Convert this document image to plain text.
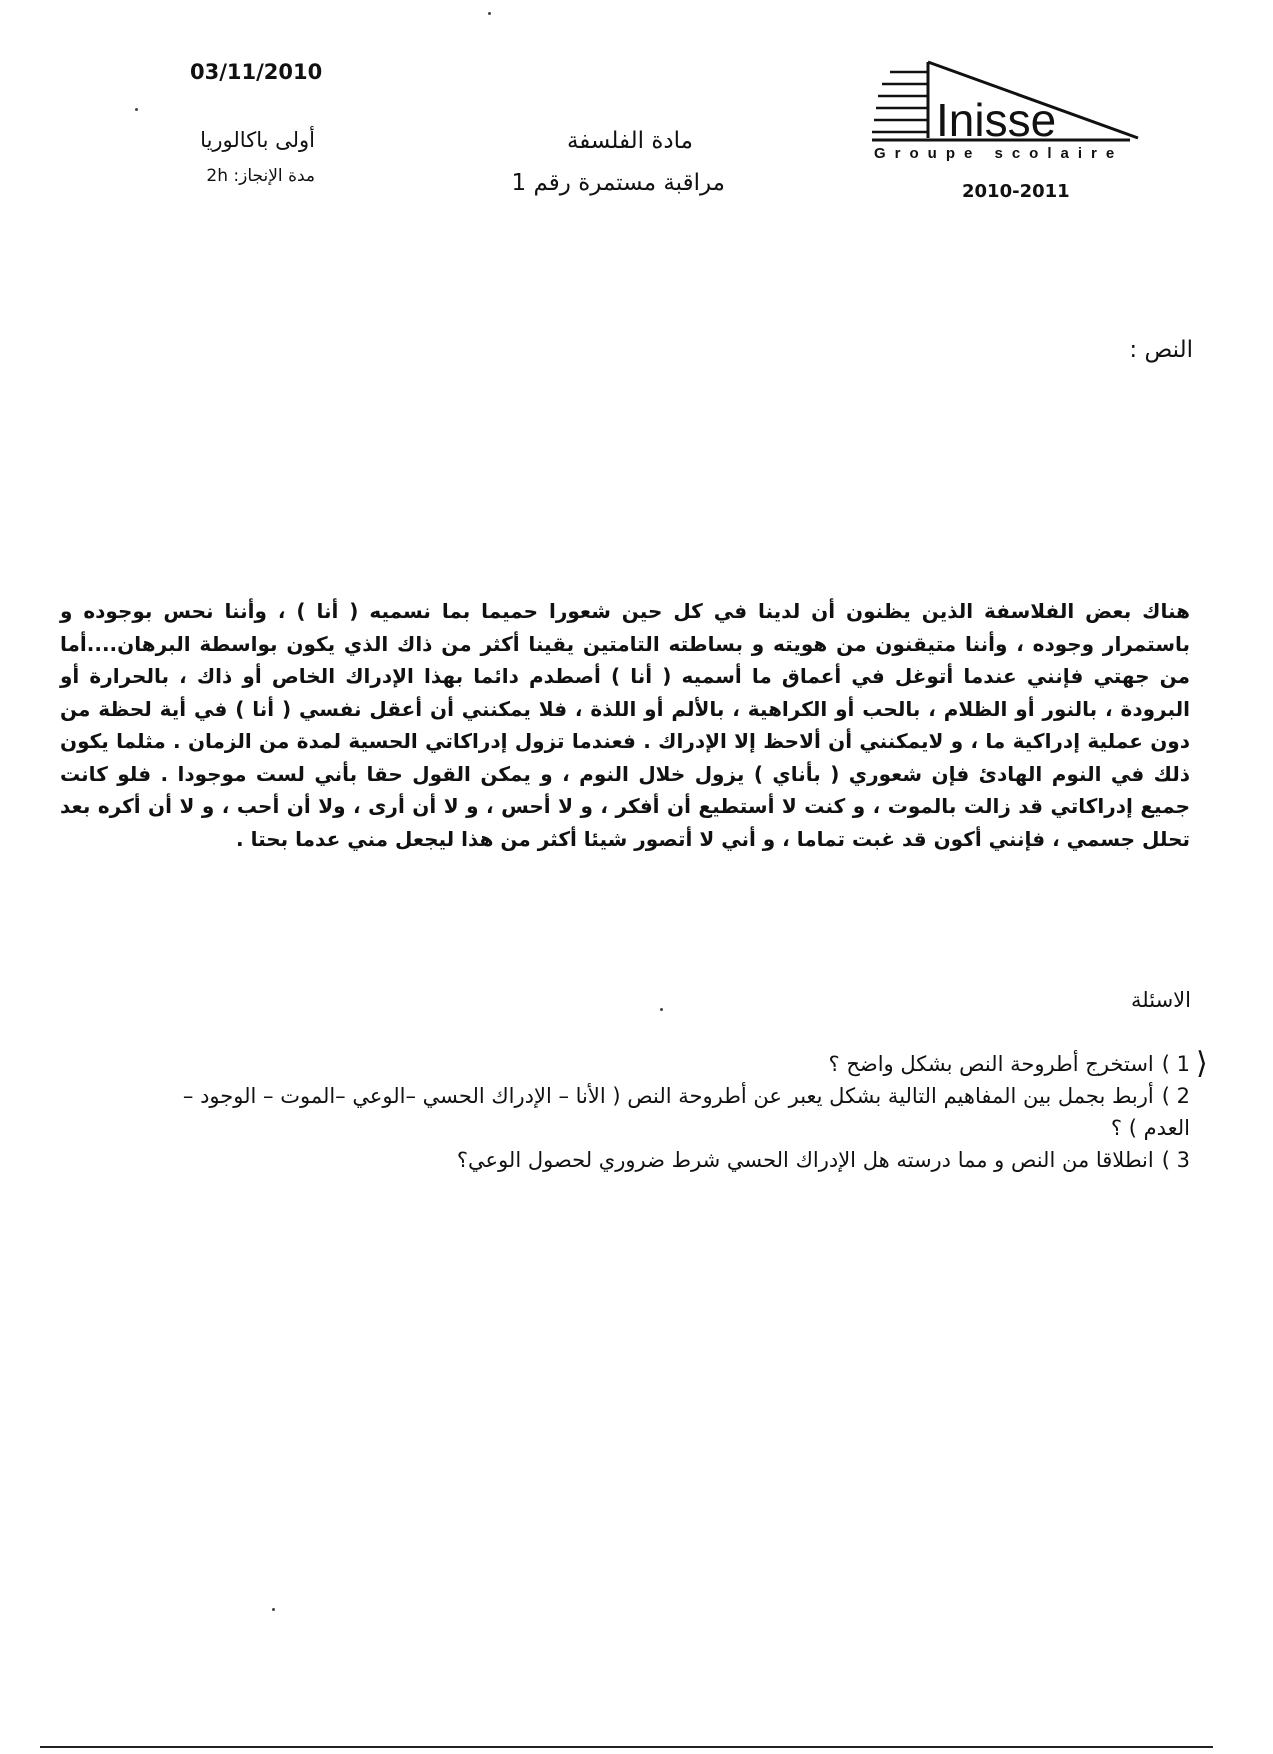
03/11/2010
أولى باكالوريا
مدة الإنجاز: 2h
مادة الفلسفة
مراقبة مستمرة رقم 1
Inisse
Groupe scolaire
2010-2011
النص :
هناك بعض الفلاسفة الذين يظنون أن لدينا في كل حين شعورا حميما بما نسميه ( أنا ) ، وأننا نحس بوجوده و باستمرار وجوده ، وأننا متيقنون من هويته و بساطته التامتين يقينا أكثر من ذاك الذي يكون بواسطة البرهان....أما من جهتي فإنني عندما أتوغل في أعماق ما أسميه ( أنا ) أصطدم دائما بهذا الإدراك الخاص أو ذاك ، بالحرارة أو البرودة ، بالنور أو الظلام ، بالحب أو الكراهية ، بالألم أو اللذة ، فلا يمكنني أن أعقل نفسي ( أنا ) في أية لحظة من دون عملية إدراكية ما ، و لايمكنني أن ألاحظ إلا الإدراك . فعندما تزول إدراكاتي الحسية لمدة من الزمان . مثلما يكون ذلك في النوم الهادئ فإن شعوري ( بأناي ) يزول خلال النوم ، و يمكن القول حقا بأني لست موجودا . فلو كانت جميع إدراكاتي قد زالت بالموت ، و كنت لا أستطيع أن أفكر ، و لا أحس ، و لا أن أرى ، ولا أن أحب ، و لا أن أكره بعد تحلل جسمي ، فإنني أكون قد غبت تماما ، و أني لا أتصور شيئا أكثر من هذا ليجعل مني عدما بحتا .
الاسئلة
⟩
1 )استخرج أطروحة النص بشكل واضح ؟
2 )أربط بجمل بين المفاهيم التالية بشكل يعبر عن أطروحة النص ( الأنا – الإدراك الحسي –الوعي –الموت – الوجود –العدم ) ؟
3 )انطلاقا من النص و مما درسته هل الإدراك الحسي شرط ضروري لحصول الوعي؟
